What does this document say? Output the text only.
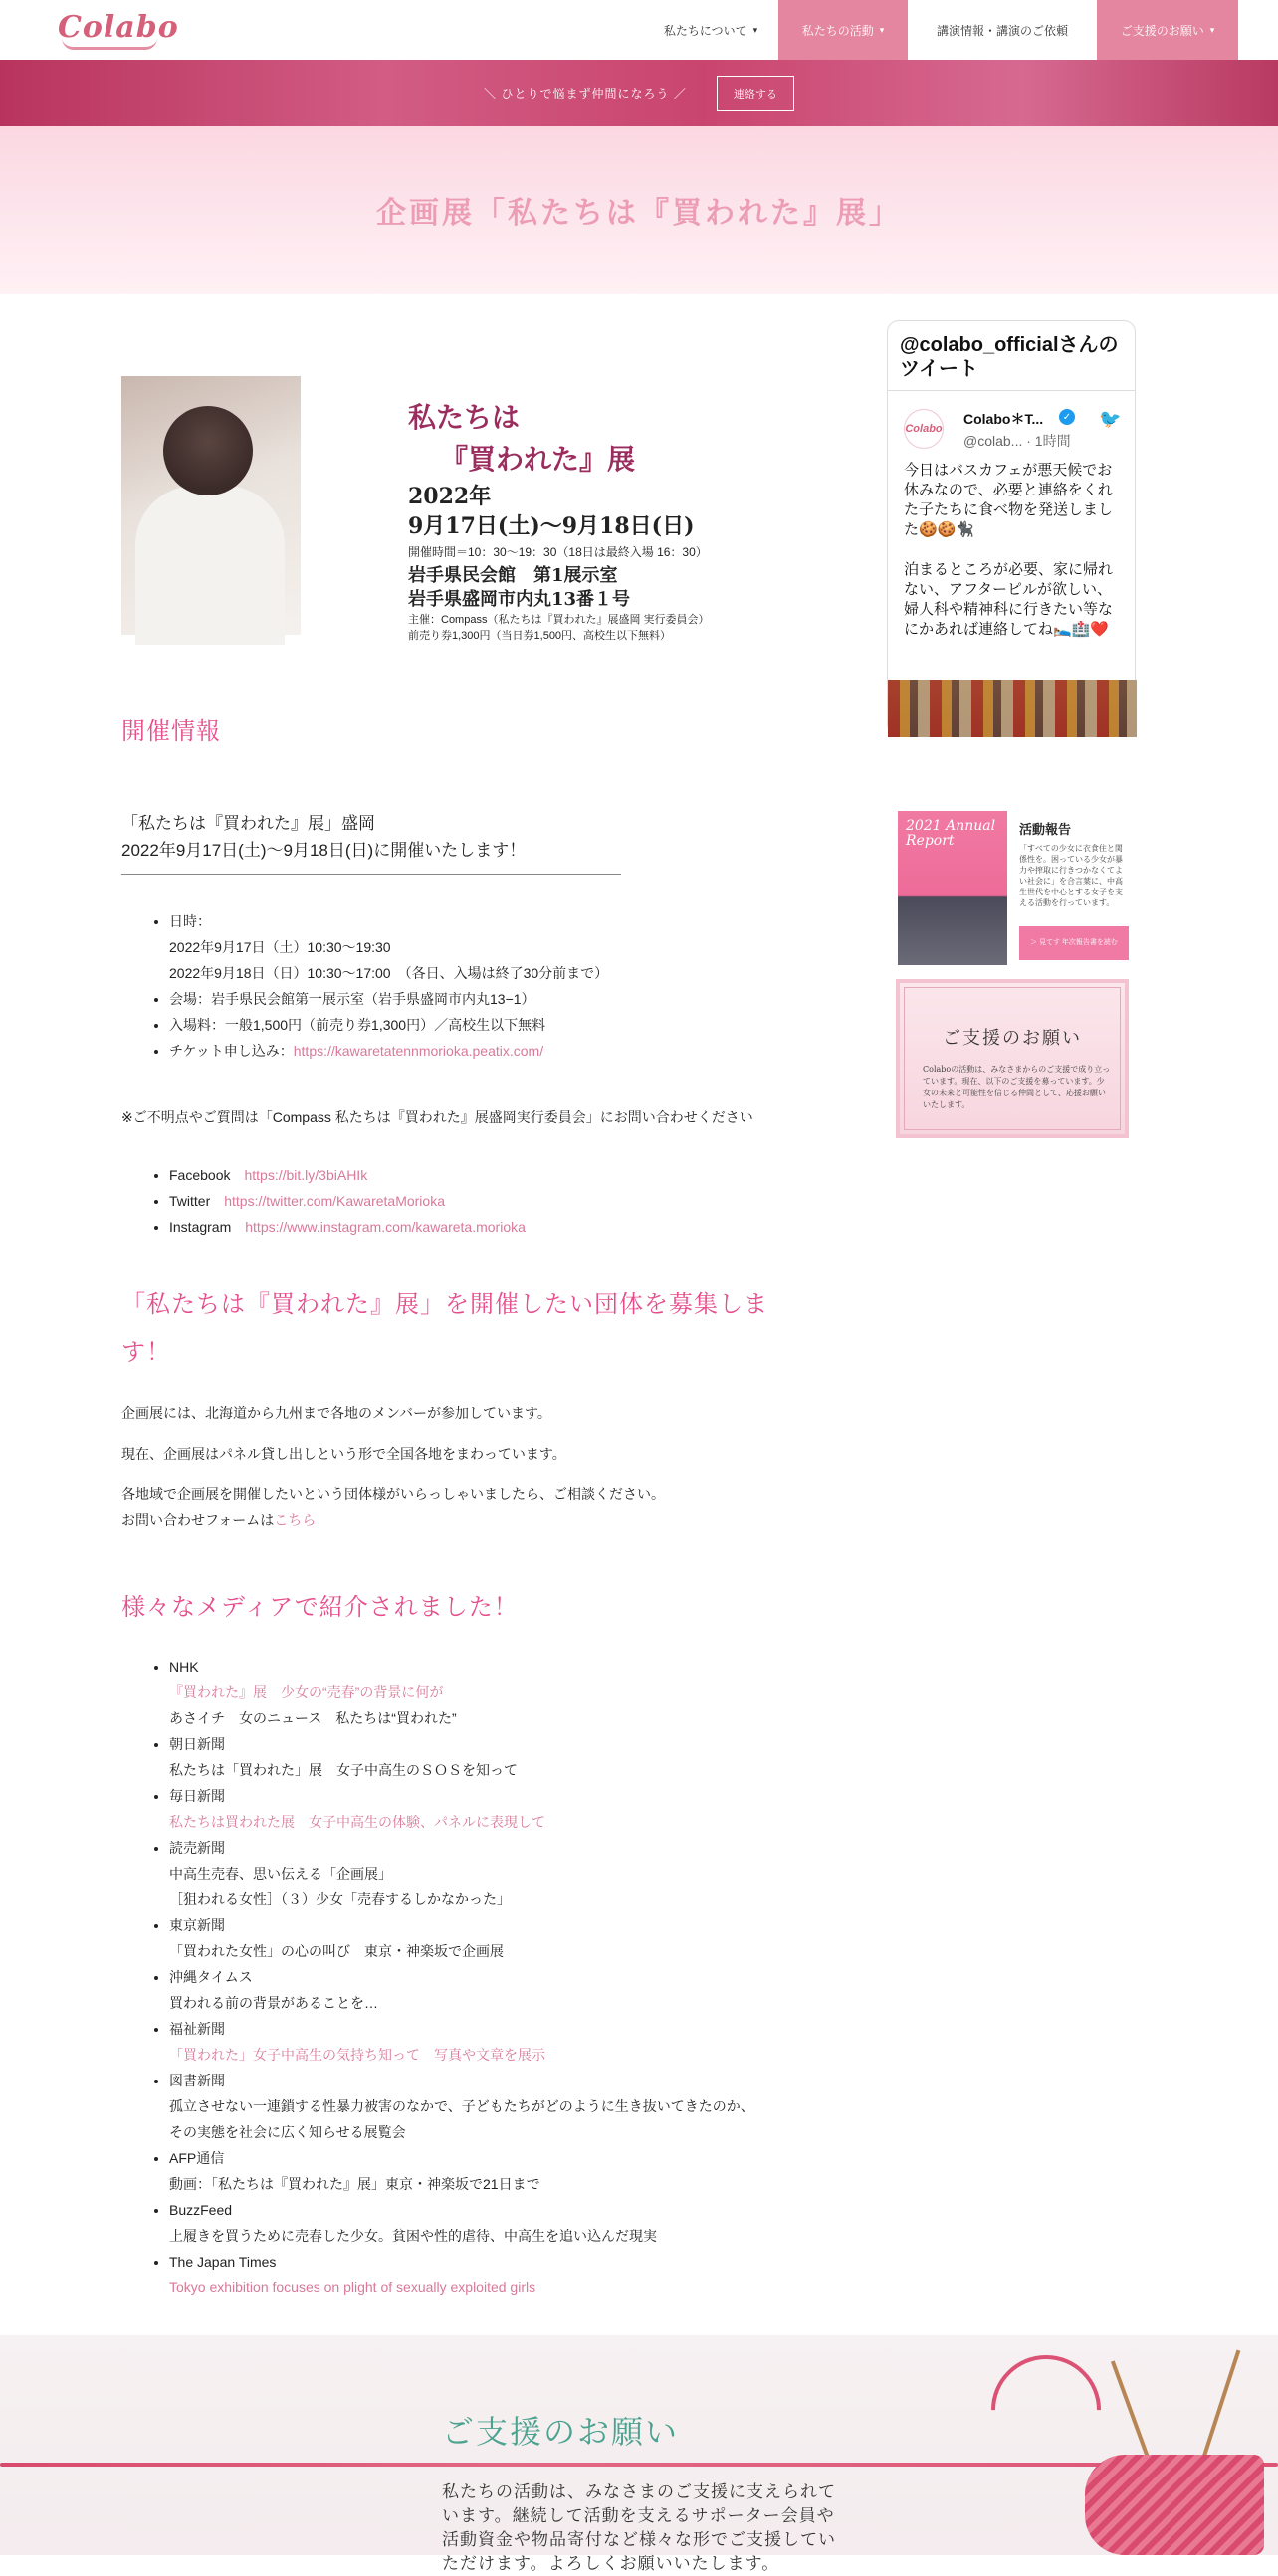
Colabo	私たちについて ▾	私たちの活動 ▾	講演情報・講演のご依頼	ご支援のお願い ▾
＼ ひとりで悩まず仲間になろう ／	連絡する
企画展「私たちは『買われた』展」
私たちは
『買われた』展
2022年
9月17日(土)〜9月18日(日)
開催時間＝10：30〜19：30（18日は最終入場 16：30）
岩手県民会館　第1展示室
岩手県盛岡市内丸13番１号
主催：Compass（私たちは『買われた』展盛岡 実行委員会）
前売り券1,300円（当日券1,500円、高校生以下無料）
開催情報
「私たちは『買われた』展」盛岡
2022年9月17日(土)～9月18日(日)に開催いたします！
• 日時：
2022年9月17日（土）10:30〜19:30
2022年9月18日（日）10:30〜17:00　（各日、入場は終了30分前まで）
• 会場：岩手県民会館第一展示室（岩手県盛岡市内丸13−1）
• 入場料：一般1,500円（前売り券1,300円）／高校生以下無料
• チケット申し込み：https://kawaretatennmorioka.peatix.com/
※ご不明点やご質問は「Compass 私たちは『買われた』展盛岡実行委員会」にお問い合わせください
• Facebook　 https://bit.ly/3biAHIk
• Twitter　 https://twitter.com/KawaretaMorioka
• Instagram　 https://www.instagram.com/kawareta.morioka
「私たちは『買われた』展」を開催したい団体を募集しま
す！
企画展には、北海道から九州まで各地のメンバーが参加しています。
現在、企画展はパネル貸し出しという形で全国各地をまわっています。
各地域で企画展を開催したいという団体様がいらっしゃいましたら、ご相談ください。
お問い合わせフォームはこちら
様々なメディアで紹介されました！
• NHK
『買われた』展　少女の“売春”の背景に何が
あさイチ　女のニュース　私たちは“買われた”
• 朝日新聞
私たちは「買われた」展　女子中高生のＳＯＳを知って
• 毎日新聞
私たちは買われた展　女子中高生の体験、パネルに表現して
• 読売新聞
中高生売春、思い伝える「企画展」
［狙われる女性］（３）少女「売春するしかなかった」
• 東京新聞
「買われた女性」の心の叫び　東京・神楽坂で企画展
• 沖縄タイムス
買われる前の背景があることを…
• 福祉新聞
「買われた」女子中高生の気持ち知って　写真や文章を展示
• 図書新聞
孤立させない一連鎖する性暴力被害のなかで、子どもたちがどのように生き抜いてきたのか、
その実態を社会に広く知らせる展覧会
• AFP通信
動画：「私たちは『買われた』展」東京・神楽坂で21日まで
• BuzzFeed
上履きを買うために売春した少女。貧困や性的虐待、中高生を追い込んだ現実
• The Japan Times
Tokyo exhibition focuses on plight of sexually exploited girls
@colabo_officialさんのツイート
Colabo
Colabo＊T...	✓
@colab... · 1時間
🐦
今日はバスカフェが悪天候でお休みなので、必要と連絡をくれた子たちに食べ物を発送しました🍪🍪🐈‍⬛
泊まるところが必要、家に帰れない、アフターピルが欲しい、婦人科や精神科に行きたい等なにかあれば連絡してね🛌🏥❤️
2021 Annual Report
活動報告
「すべての少女に衣食住と関係性を。困っている少女が暴力や搾取に行きつかなくてよい社会に」を合言葉に、中高生世代を中心とする女子を支える活動を行っています。
＞ 見てす 年次報告書を読む
ご支援のお願い
Colaboの活動は、みなさまからのご支援で成り立っています。現在、以下のご支援を募っています。少女の未来と可能性を信じる仲間として、応援お願いいたします。
ご支援のお願い
私たちの活動は、みなさまのご支援に支えられています。継続して活動を支えるサポーター会員や活動資金や物品寄付など様々な形でご支援していただけます。よろしくお願いいたします。
